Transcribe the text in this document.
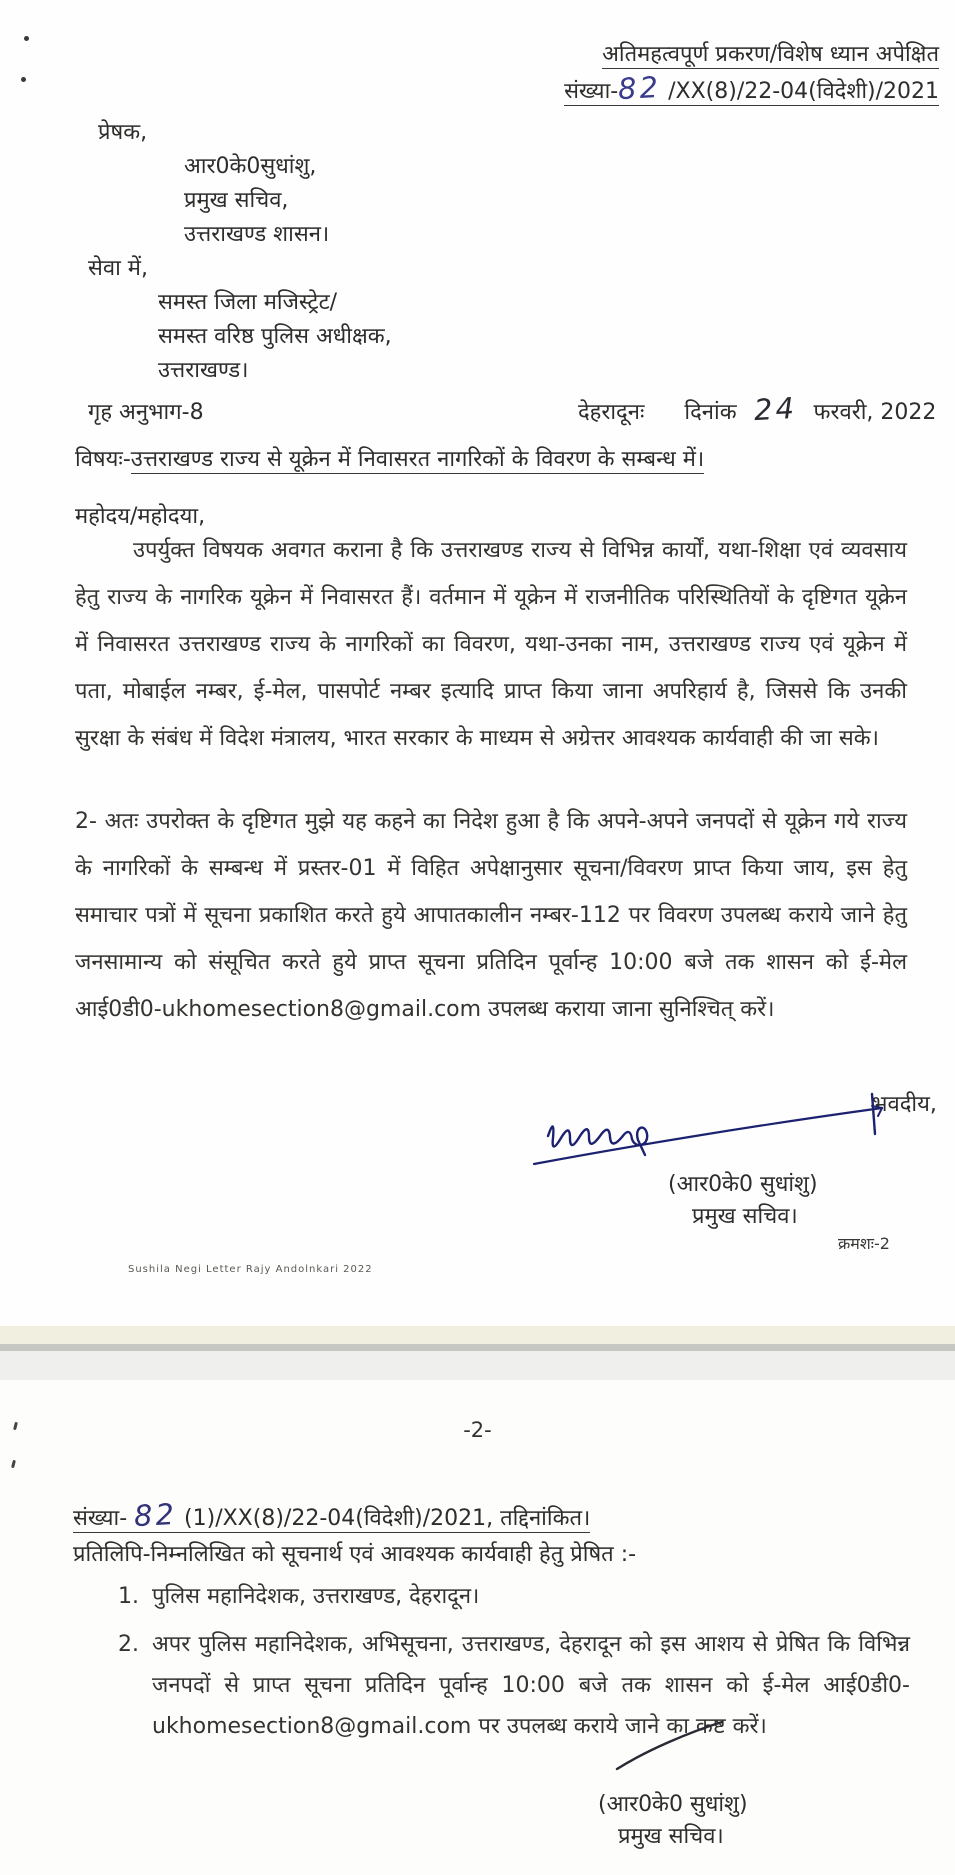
अतिमहत्वपूर्ण प्रकरण/विशेष ध्यान अपेक्षित
संख्या-82 /XX(8)/22-04(विदेशी)/2021
प्रेषक,
आर0के0सुधांशु,
प्रमुख सचिव,
उत्तराखण्ड शासन।
सेवा में,
समस्त जिला मजिस्ट्रेट/
समस्त वरिष्ठ पुलिस अधीक्षक,
उत्तराखण्ड।
गृह अनुभाग-8	देहरादूनः दिनांक 24 फरवरी, 2022
विषयः-उत्तराखण्ड राज्य से यूक्रेन में निवासरत नागरिकों के विवरण के सम्बन्ध में।
महोदय/महोदया,
उपर्युक्त विषयक अवगत कराना है कि उत्तराखण्ड राज्य से विभिन्न कार्यों, यथा-शिक्षा एवं व्यवसाय हेतु राज्य के नागरिक यूक्रेन में निवासरत हैं। वर्तमान में यूक्रेन में राजनीतिक परिस्थितियों के दृष्टिगत यूक्रेन में निवासरत उत्तराखण्ड राज्य के नागरिकों का विवरण, यथा-उनका नाम, उत्तराखण्ड राज्य एवं यूक्रेन में पता, मोबाईल नम्बर, ई-मेल, पासपोर्ट नम्बर इत्यादि प्राप्त किया जाना अपरिहार्य है, जिससे कि उनकी सुरक्षा के संबंध में विदेश मंत्रालय, भारत सरकार के माध्यम से अग्रेत्तर आवश्यक कार्यवाही की जा सके।
2- अतः उपरोक्त के दृष्टिगत मुझे यह कहने का निदेश हुआ है कि अपने-अपने जनपदों से यूक्रेन गये राज्य के नागरिकों के सम्बन्ध में प्रस्तर-01 में विहित अपेक्षानुसार सूचना/विवरण प्राप्त किया जाय, इस हेतु समाचार पत्रों में सूचना प्रकाशित करते हुये आपातकालीन नम्बर-112 पर विवरण उपलब्ध कराये जाने हेतु जनसामान्य को संसूचित करते हुये प्राप्त सूचना प्रतिदिन पूर्वान्ह 10:00 बजे तक शासन को ई-मेल आई0डी0-ukhomesection8@gmail.com उपलब्ध कराया जाना सुनिश्चित् करें।
भवदीय,
(आर0के0 सुधांशु)
प्रमुख सचिव।
क्रमशः-2
Sushila Negi Letter Rajy Andolnkari 2022
-2-
संख्या- 82 (1)/XX(8)/22-04(विदेशी)/2021, तद्दिनांकित।
प्रतिलिपि-निम्नलिखित को सूचनार्थ एवं आवश्यक कार्यवाही हेतु प्रेषित :-
1. पुलिस महानिदेशक, उत्तराखण्ड, देहरादून।
2. अपर पुलिस महानिदेशक, अभिसूचना, उत्तराखण्ड, देहरादून को इस आशय से प्रेषित कि विभिन्न जनपदों से प्राप्त सूचना प्रतिदिन पूर्वान्ह 10:00 बजे तक शासन को ई-मेल आई0डी0-ukhomesection8@gmail.com पर उपलब्ध कराये जाने का कष्ट करें।
(आर0के0 सुधांशु)
प्रमुख सचिव।
